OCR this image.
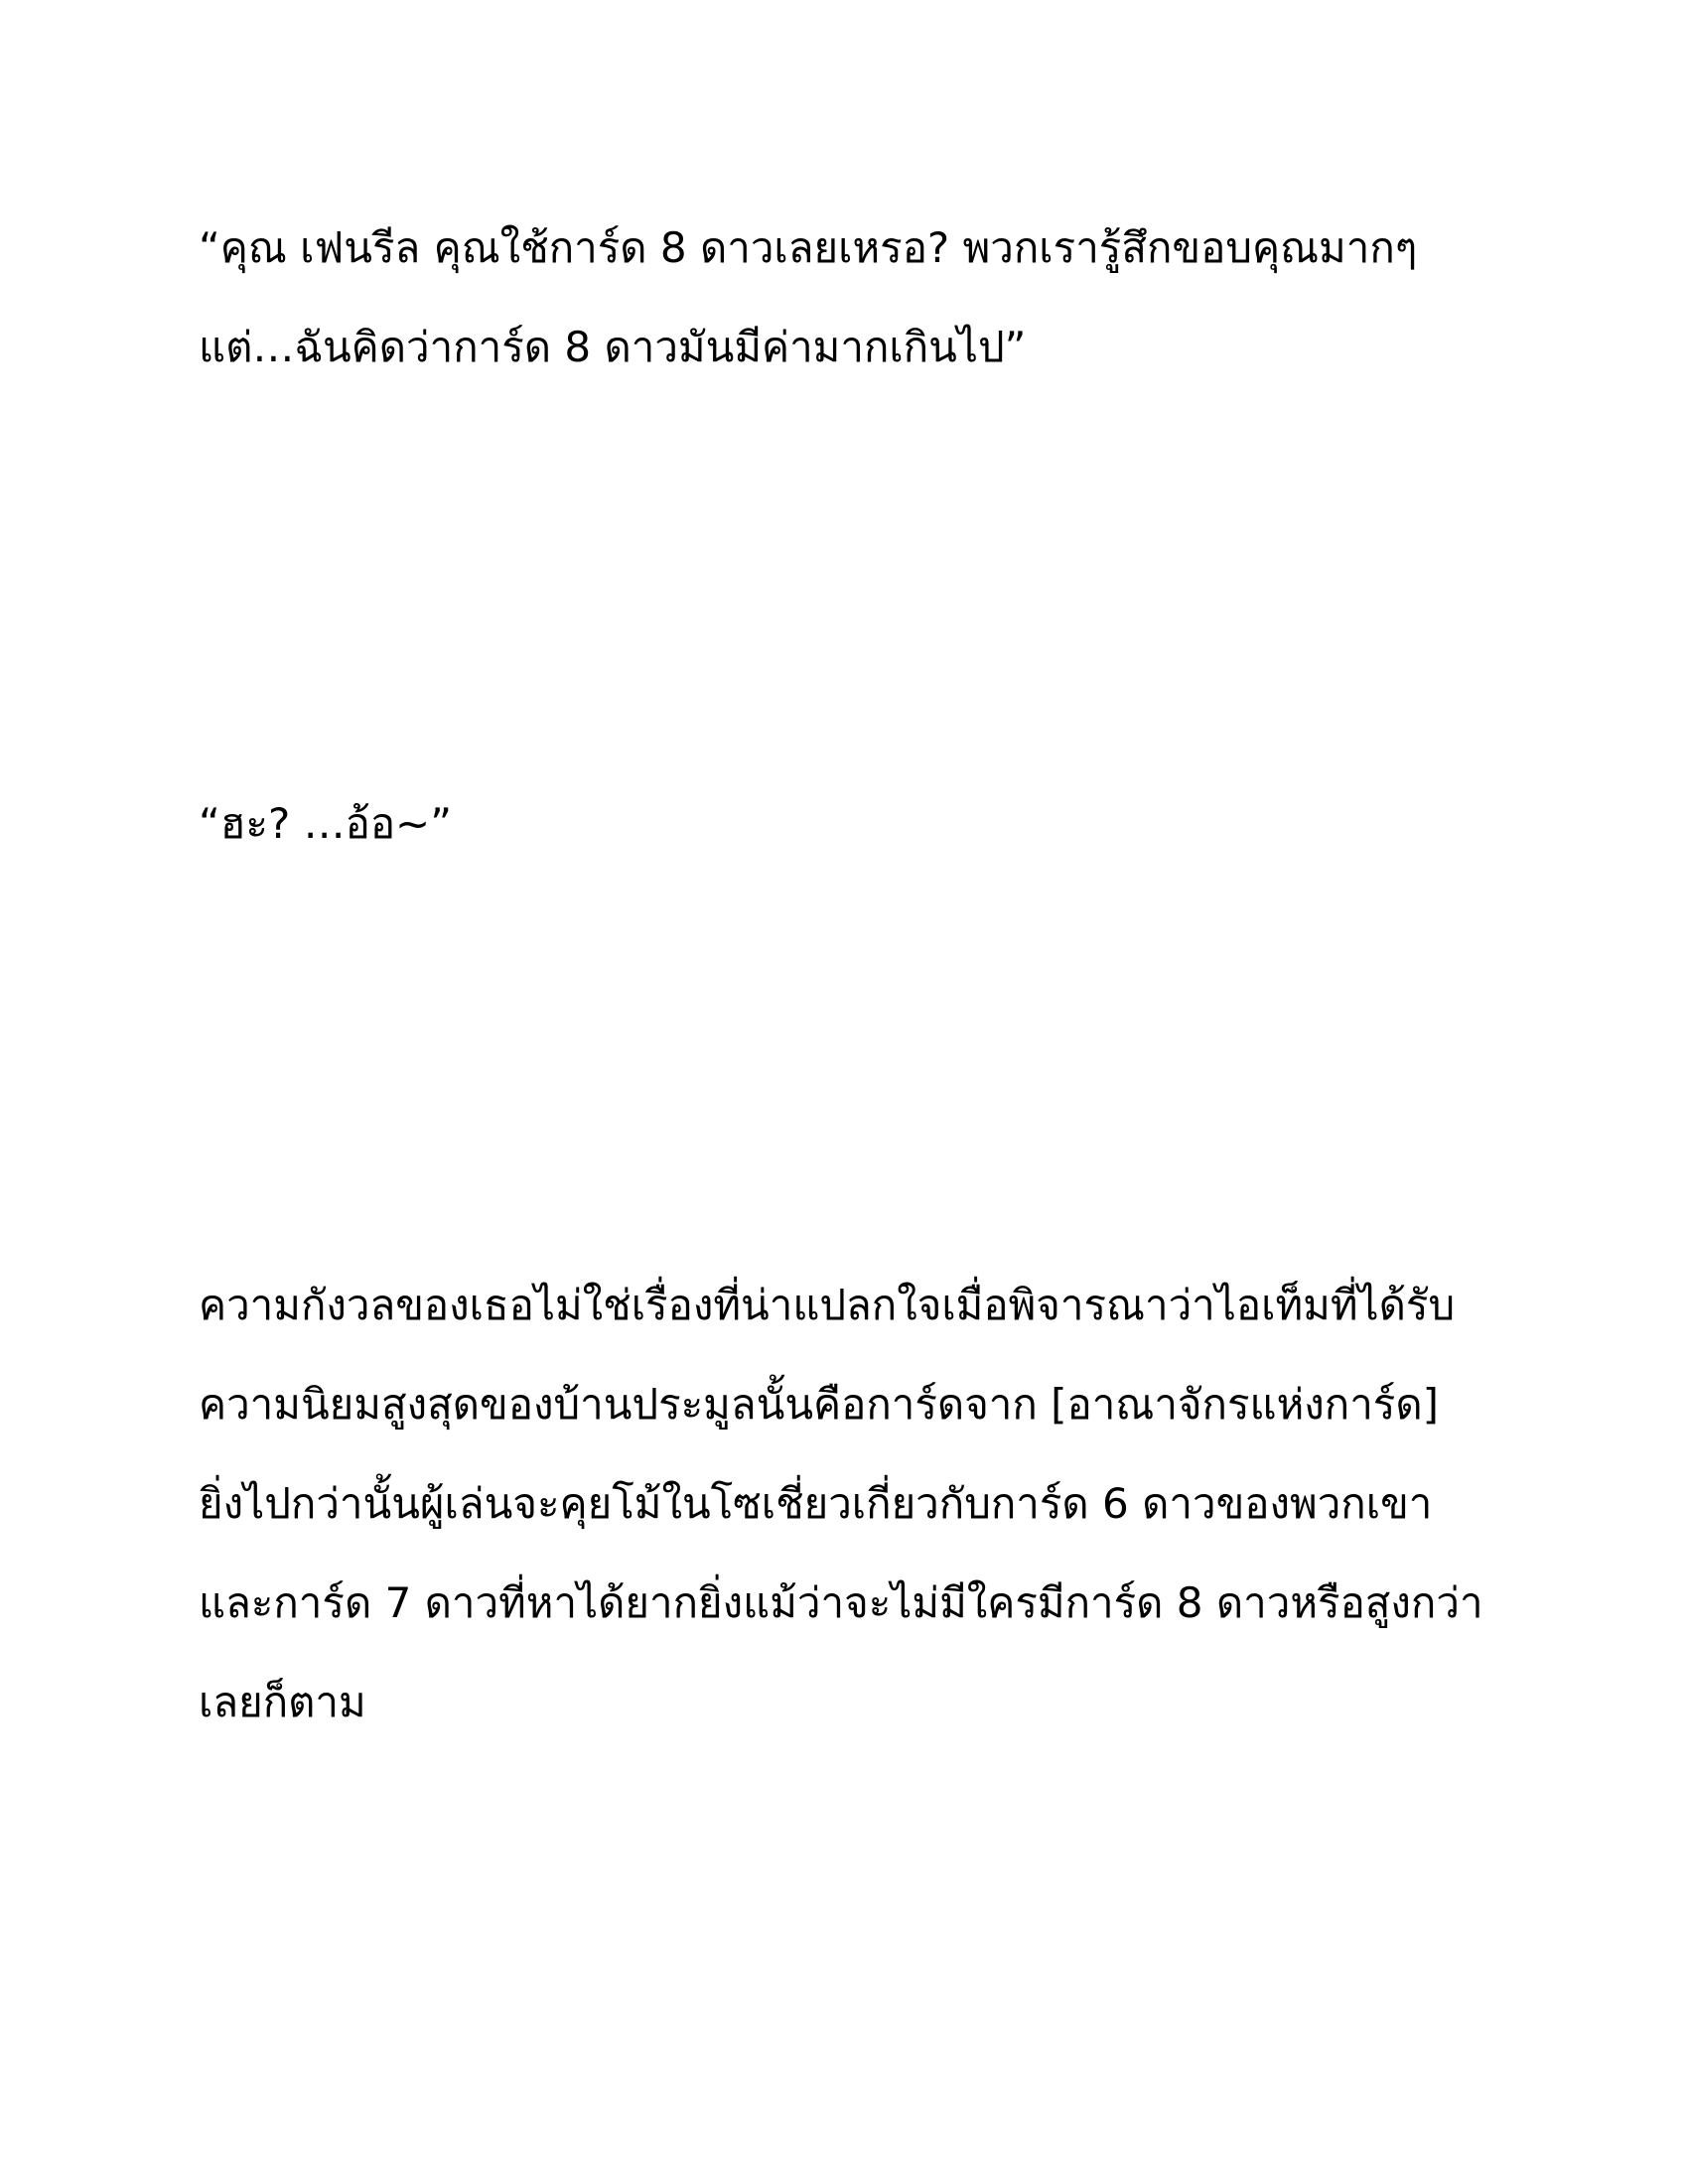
“คุณ เฟนรีล คุณใช้การ์ด 8 ดาวเลยเหรอ? พวกเรารู้สึกขอบคุณมากๆ
แต่…ฉันคิดว่าการ์ด 8 ดาวมันมีค่ามากเกินไป”

“ฮะ? …อ้อ~”

ความกังวลของเธอไม่ใช่เรื่องที่น่าแปลกใจเมื่อพิจารณาว่าไอเท็มที่ได้รับ
ความนิยมสูงสุดของบ้านประมูลนั้นคือการ์ดจาก [อาณาจักรแห่งการ์ด]
ยิ่งไปกว่านั้นผู้เล่นจะคุยโม้ในโซเชี่ยวเกี่ยวกับการ์ด 6 ดาวของพวกเขา
และการ์ด 7 ดาวที่หาได้ยากยิ่งแม้ว่าจะไม่มีใครมีการ์ด 8 ดาวหรือสูงกว่า
เลยก็ตาม
